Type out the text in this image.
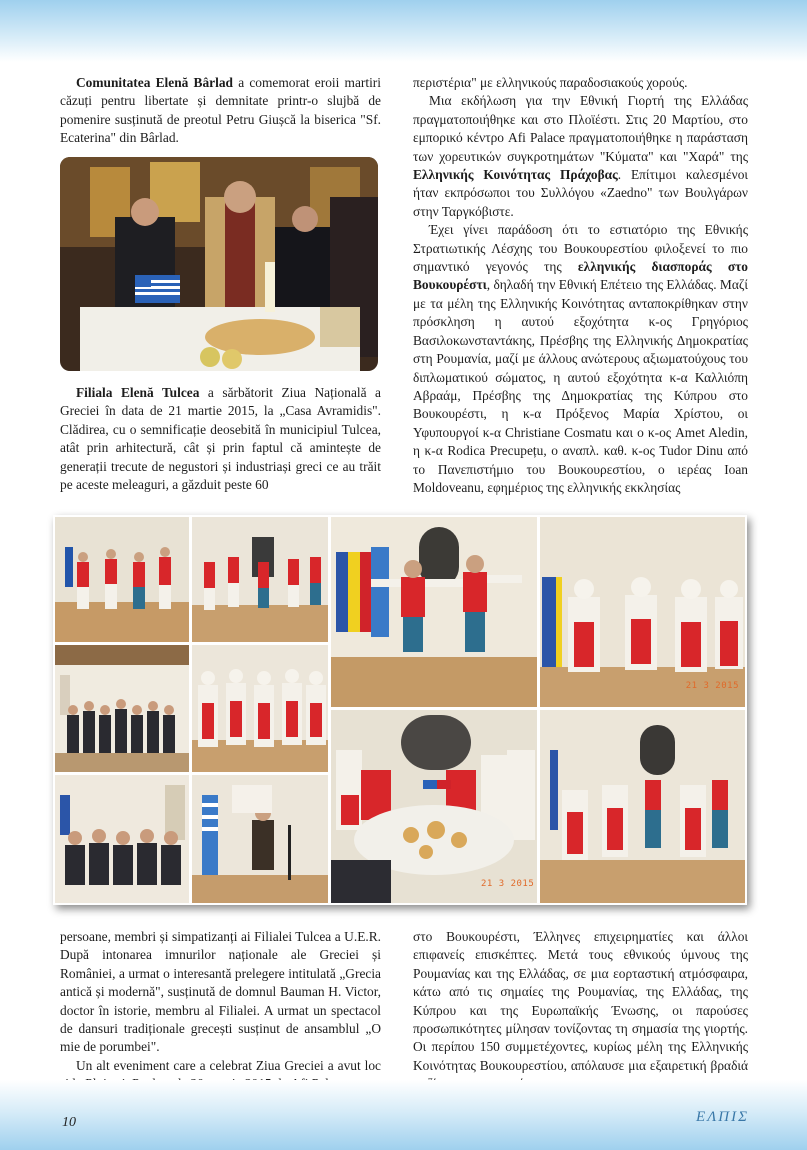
Comunitatea Elenă Bârlad a comemorat eroii martiri căzuți pentru libertate și demnitate printr-o slujbă de pomenire susținută de preotul Petru Giușcă la biserica "Sf. Ecaterina" din Bârlad.

Filiala Elenă Tulcea a sărbătorit Ziua Națională a Greciei în data de 21 martie 2015, la „Casa Avramidis". Clădirea, cu o semnificație deosebită în municipiul Tulcea, atât prin arhitectură, cât și prin faptul că amintește de generații trecute de negustori și industriași greci ce au trăit pe aceste meleaguri, a găzduit peste 60

περιστέρια" με ελληνικούς παραδοσιακούς χορούς.

Μια εκδήλωση για την Εθνική Γιορτή της Ελλάδας πραγματοποιήθηκε και στο Πλοϊέστι. Στις 20 Μαρτίου, στο εμπορικό κέντρο Afi Palace πραγματοποιήθηκε η παράσταση των χορευτικών συγκροτημάτων "Κύματα" και "Χαρά" της Ελληνικής Κοινότητας Πράχοβας. Επίτιμοι καλεσμένοι ήταν εκπρόσωποι του Συλλόγου «Zaedno" των Βουλγάρων στην Ταργκόβιστε.

Έχει γίνει παράδοση ότι το εστιατόριο της Εθνικής Στρατιωτικής Λέσχης του Βουκουρεστίου φιλοξενεί το πιο σημαντικό γεγονός της ελληνικής διασποράς στο Βουκουρέστι, δηλαδή την Εθνική Επέτειο της Ελλάδας. Μαζί με τα μέλη της Ελληνικής Κοινότητας ανταποκρίθηκαν στην πρόσκληση η αυτού εξοχότητα κ-ος Γρηγόριος Βασιλοκωνσταντάκης, Πρέσβης της Ελληνικής Δημοκρατίας στη Ρουμανία, μαζί με άλλους ανώτερους αξιωματούχους του διπλωματικού σώματος, η αυτού εξοχότητα κ-α Καλλιόπη Αβραάμ, Πρέσβης της Δημοκρατίας της Κύπρου στο Βουκουρέστι, η κ-α Πρόξενος Μαρία Χρίστου, οι Υφυπουργοί κ-α Christiane Cosmatu και ο κ-ος Amet Aledin, η κ-α Rodica Precupețu, ο αναπλ. καθ. κ-ος Tudor Dinu από το Πανεπιστήμιο του Βουκουρεστίου, ο ιερέας Ioan Moldoveanu, εφημέριος της ελληνικής εκκλησίας

21 3 2015
21 3 2015

persoane, membri și simpatizanți ai Filialei Tulcea a U.E.R. După intonarea imnurilor naționale ale Greciei și României, a urmat o interesantă prelegere intitulată „Grecia antică și modernă", susținută de domnul Bauman H. Victor, doctor în istorie, membru al Filialei. A urmat un spectacol de dansuri tradiționale grecești susținut de ansamblul „O mie de porumbei".

Un alt eveniment care a celebrat Ziua Greciei a avut loc

στο Βουκουρέστι, Έλληνες επιχειρηματίες και άλλοι επιφανείς επισκέπτες. Μετά τους εθνικούς ύμνους της Ρουμανίας και της Ελλάδας, σε μια εορταστική ατμόσφαιρα, κάτω από τις σημαίες της Ρουμανίας, της Ελλάδας, της Κύπρου και της Ευρωπαϊκής Ένωσης, οι παρούσες προσωπικότητες μίλησαν τονίζοντας τη σημασία της γιορτής. Οι περίπου 150 συμμετέχοντες, κυρίως μέλη της Ελληνικής Κοινότητας Βουκουρεστίου, απόλαυσε μια εξαιρετική βραδιά

10	ΕΛΠΙΣ
